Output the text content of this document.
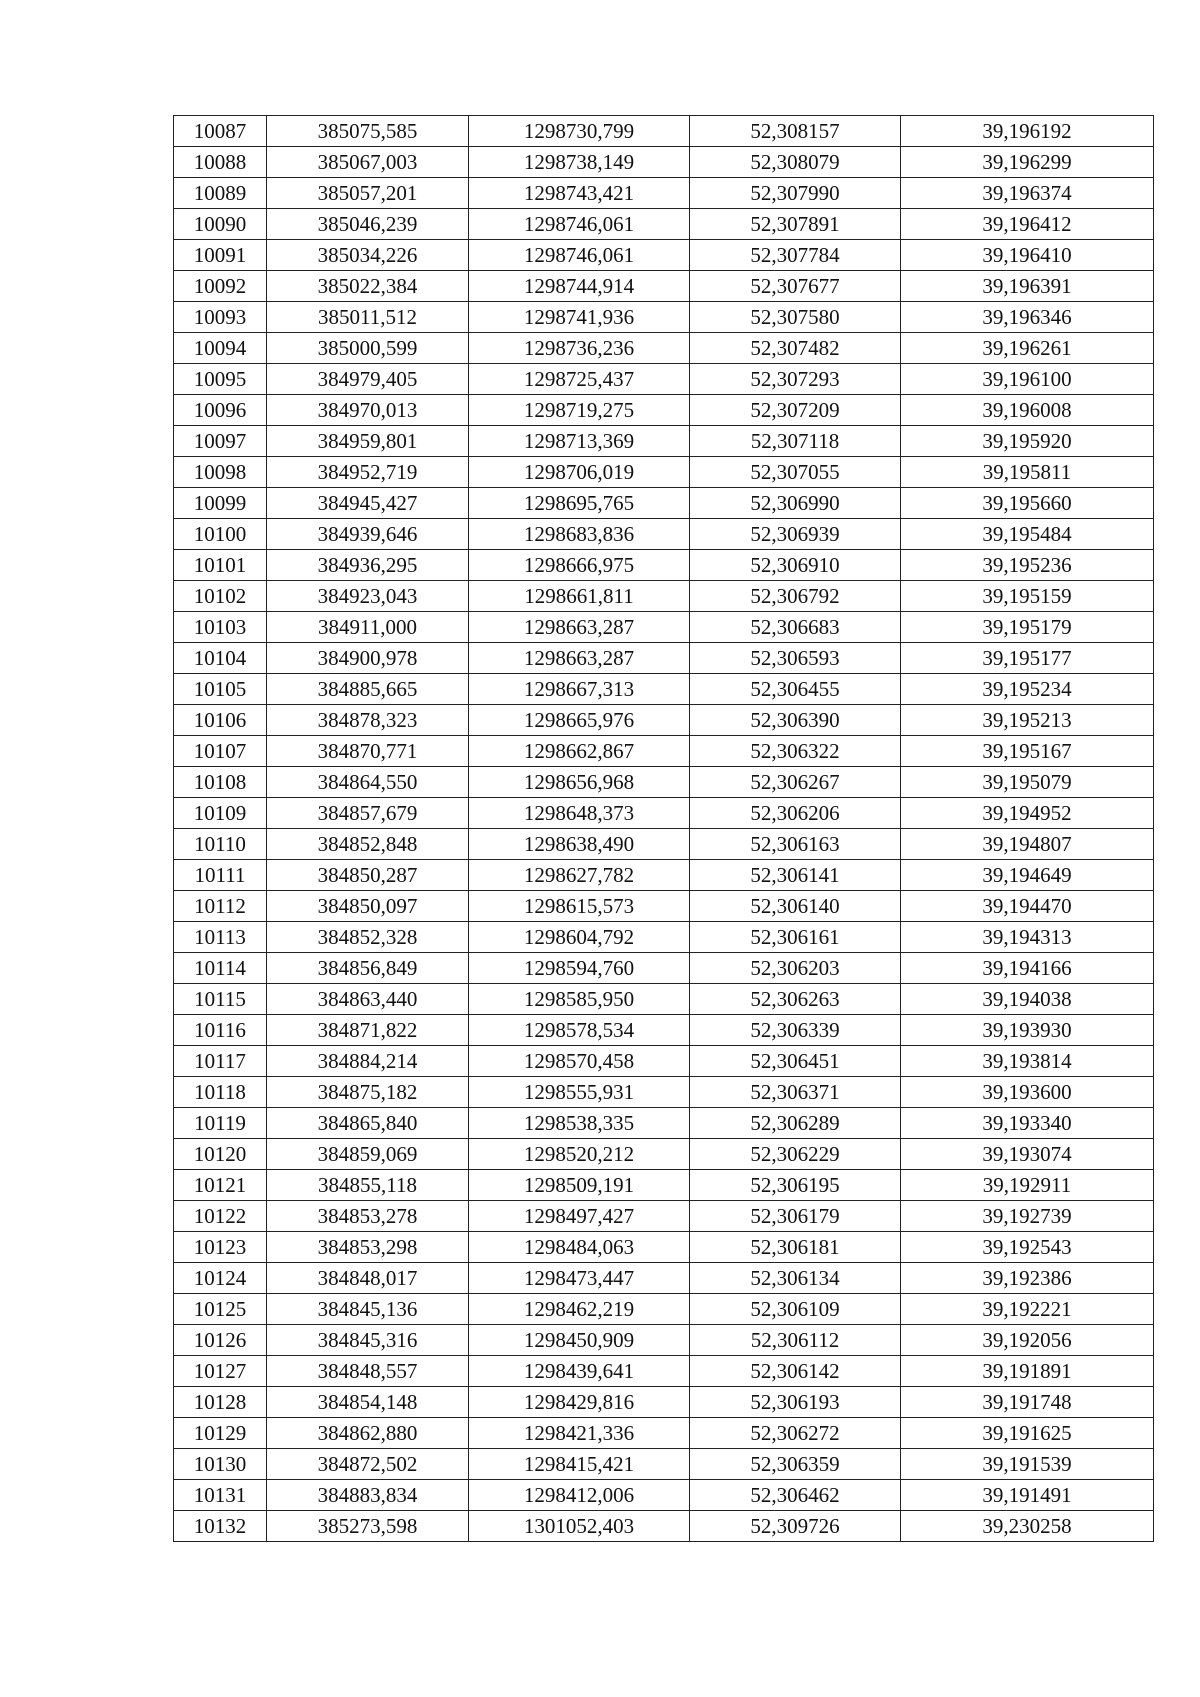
10087	385075,585	1298730,799	52,308157	39,196192
10088	385067,003	1298738,149	52,308079	39,196299
10089	385057,201	1298743,421	52,307990	39,196374
10090	385046,239	1298746,061	52,307891	39,196412
10091	385034,226	1298746,061	52,307784	39,196410
10092	385022,384	1298744,914	52,307677	39,196391
10093	385011,512	1298741,936	52,307580	39,196346
10094	385000,599	1298736,236	52,307482	39,196261
10095	384979,405	1298725,437	52,307293	39,196100
10096	384970,013	1298719,275	52,307209	39,196008
10097	384959,801	1298713,369	52,307118	39,195920
10098	384952,719	1298706,019	52,307055	39,195811
10099	384945,427	1298695,765	52,306990	39,195660
10100	384939,646	1298683,836	52,306939	39,195484
10101	384936,295	1298666,975	52,306910	39,195236
10102	384923,043	1298661,811	52,306792	39,195159
10103	384911,000	1298663,287	52,306683	39,195179
10104	384900,978	1298663,287	52,306593	39,195177
10105	384885,665	1298667,313	52,306455	39,195234
10106	384878,323	1298665,976	52,306390	39,195213
10107	384870,771	1298662,867	52,306322	39,195167
10108	384864,550	1298656,968	52,306267	39,195079
10109	384857,679	1298648,373	52,306206	39,194952
10110	384852,848	1298638,490	52,306163	39,194807
10111	384850,287	1298627,782	52,306141	39,194649
10112	384850,097	1298615,573	52,306140	39,194470
10113	384852,328	1298604,792	52,306161	39,194313
10114	384856,849	1298594,760	52,306203	39,194166
10115	384863,440	1298585,950	52,306263	39,194038
10116	384871,822	1298578,534	52,306339	39,193930
10117	384884,214	1298570,458	52,306451	39,193814
10118	384875,182	1298555,931	52,306371	39,193600
10119	384865,840	1298538,335	52,306289	39,193340
10120	384859,069	1298520,212	52,306229	39,193074
10121	384855,118	1298509,191	52,306195	39,192911
10122	384853,278	1298497,427	52,306179	39,192739
10123	384853,298	1298484,063	52,306181	39,192543
10124	384848,017	1298473,447	52,306134	39,192386
10125	384845,136	1298462,219	52,306109	39,192221
10126	384845,316	1298450,909	52,306112	39,192056
10127	384848,557	1298439,641	52,306142	39,191891
10128	384854,148	1298429,816	52,306193	39,191748
10129	384862,880	1298421,336	52,306272	39,191625
10130	384872,502	1298415,421	52,306359	39,191539
10131	384883,834	1298412,006	52,306462	39,191491
10132	385273,598	1301052,403	52,309726	39,230258
